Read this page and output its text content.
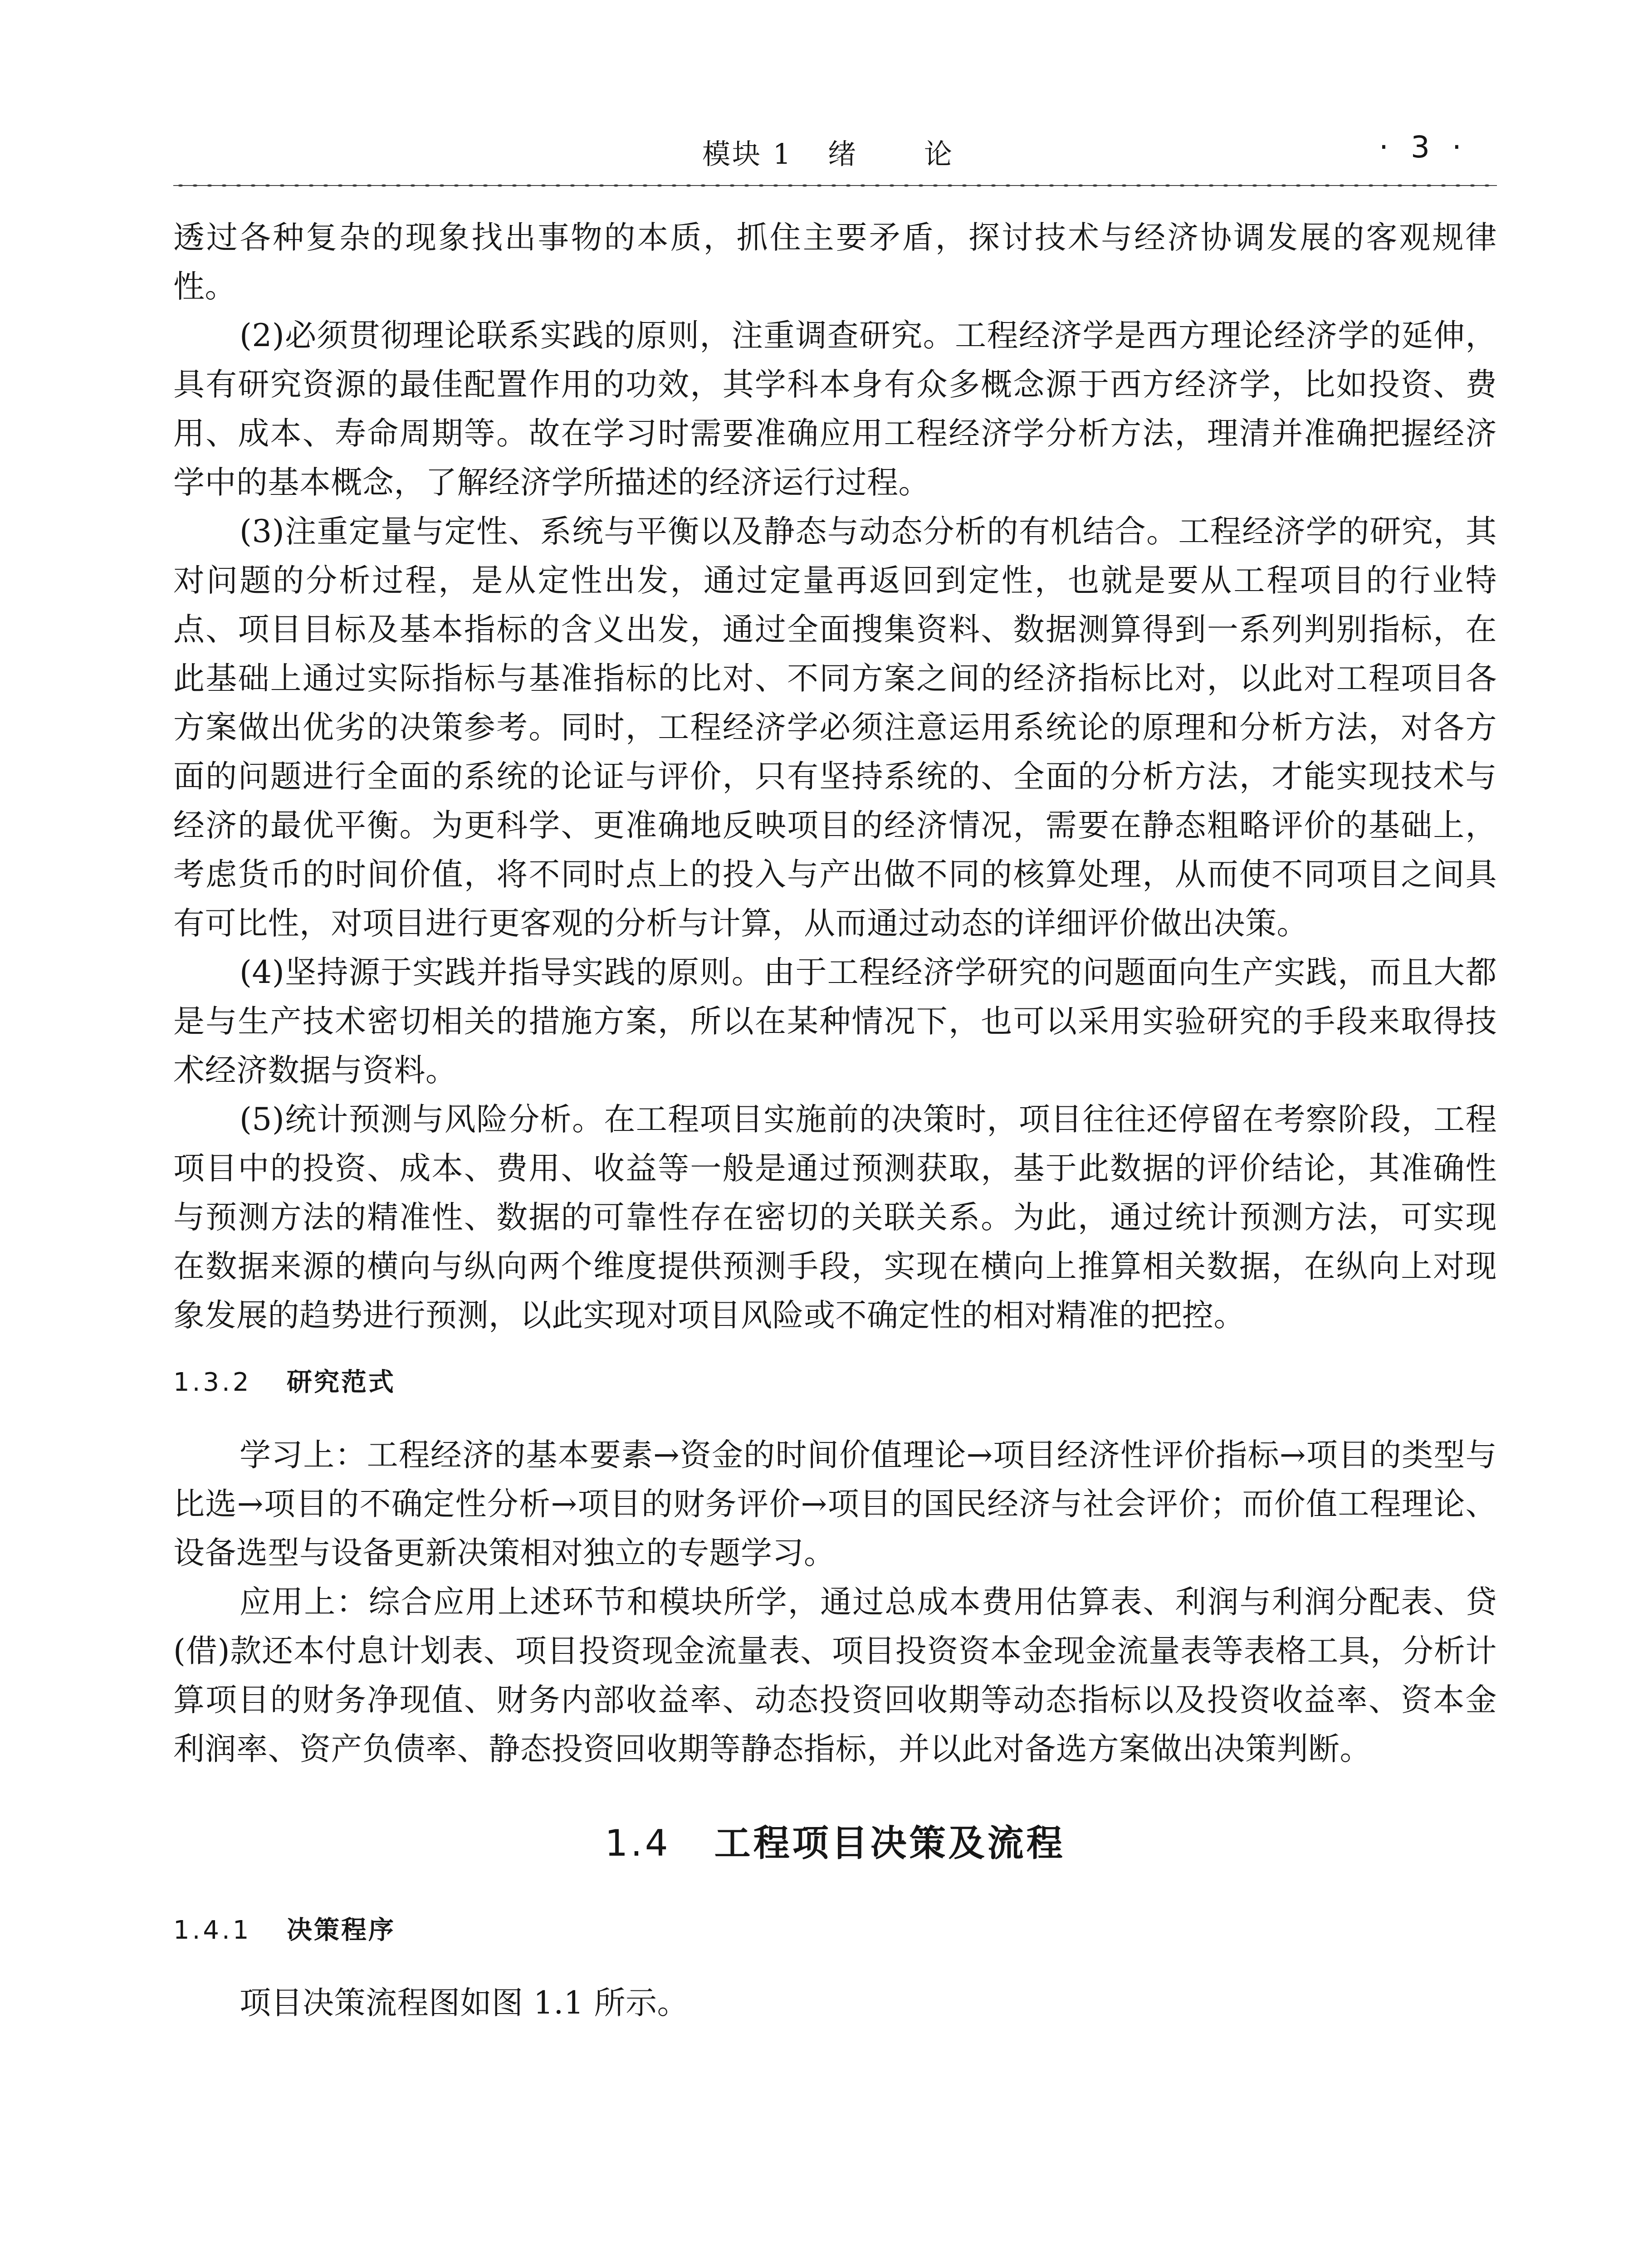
模块 1 绪论	· 3 ·

透过各种复杂的现象找出事物的本质，抓住主要矛盾，探讨技术与经济协调发展的客观规律性。

(2)必须贯彻理论联系实践的原则，注重调查研究。工程经济学是西方理论经济学的延伸，具有研究资源的最佳配置作用的功效，其学科本身有众多概念源于西方经济学，比如投资、费用、成本、寿命周期等。故在学习时需要准确应用工程经济学分析方法，理清并准确把握经济学中的基本概念，了解经济学所描述的经济运行过程。

(3)注重定量与定性、系统与平衡以及静态与动态分析的有机结合。工程经济学的研究，其对问题的分析过程，是从定性出发，通过定量再返回到定性，也就是要从工程项目的行业特点、项目目标及基本指标的含义出发，通过全面搜集资料、数据测算得到一系列判别指标，在此基础上通过实际指标与基准指标的比对、不同方案之间的经济指标比对，以此对工程项目各方案做出优劣的决策参考。同时，工程经济学必须注意运用系统论的原理和分析方法，对各方面的问题进行全面的系统的论证与评价，只有坚持系统的、全面的分析方法，才能实现技术与经济的最优平衡。为更科学、更准确地反映项目的经济情况，需要在静态粗略评价的基础上，考虑货币的时间价值，将不同时点上的投入与产出做不同的核算处理，从而使不同项目之间具有可比性，对项目进行更客观的分析与计算，从而通过动态的详细评价做出决策。

(4)坚持源于实践并指导实践的原则。由于工程经济学研究的问题面向生产实践，而且大都是与生产技术密切相关的措施方案，所以在某种情况下，也可以采用实验研究的手段来取得技术经济数据与资料。

(5)统计预测与风险分析。在工程项目实施前的决策时，项目往往还停留在考察阶段，工程项目中的投资、成本、费用、收益等一般是通过预测获取，基于此数据的评价结论，其准确性与预测方法的精准性、数据的可靠性存在密切的关联关系。为此，通过统计预测方法，可实现在数据来源的横向与纵向两个维度提供预测手段，实现在横向上推算相关数据，在纵向上对现象发展的趋势进行预测，以此实现对项目风险或不确定性的相对精准的把控。

1.3.2 研究范式

学习上：工程经济的基本要素→资金的时间价值理论→项目经济性评价指标→项目的类型与比选→项目的不确定性分析→项目的财务评价→项目的国民经济与社会评价；而价值工程理论、设备选型与设备更新决策相对独立的专题学习。

应用上：综合应用上述环节和模块所学，通过总成本费用估算表、利润与利润分配表、贷(借)款还本付息计划表、项目投资现金流量表、项目投资资本金现金流量表等表格工具，分析计算项目的财务净现值、财务内部收益率、动态投资回收期等动态指标以及投资收益率、资本金利润率、资产负债率、静态投资回收期等静态指标，并以此对备选方案做出决策判断。

1.4 工程项目决策及流程
1.4.1 决策程序

项目决策流程图如图 1.1 所示。
